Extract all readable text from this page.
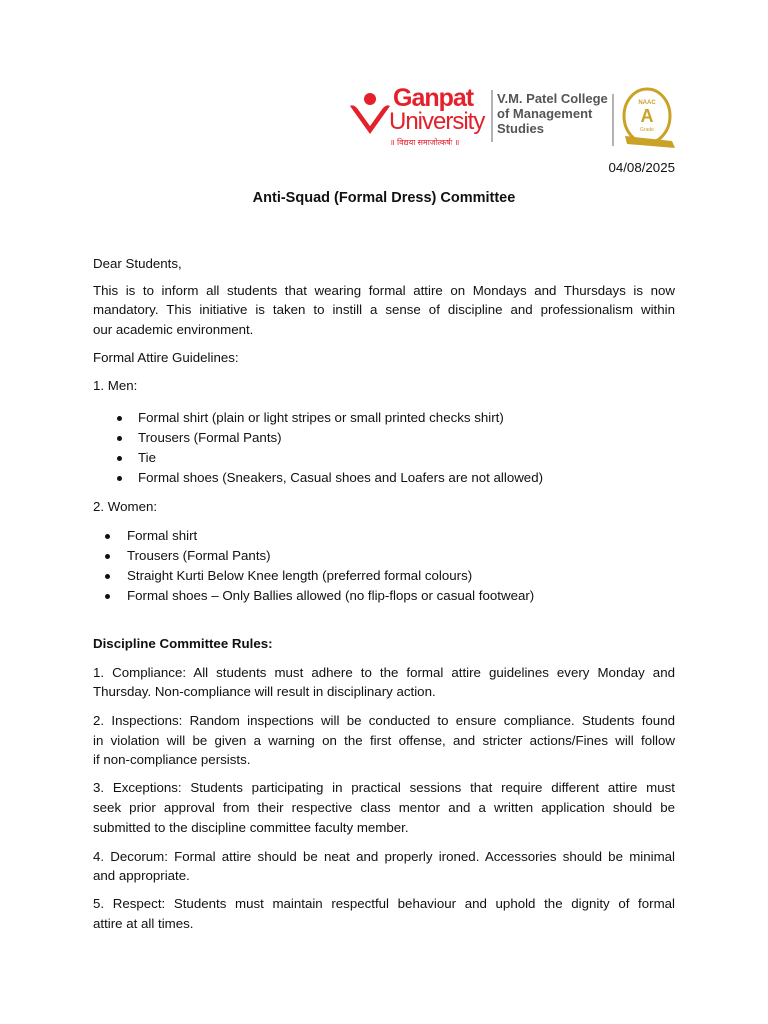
Ganpat
University
॥ विद्यया समाजोत्कर्षः ॥
V.M. Patel College
of Management
Studies
NAAC
A
Grade
04/08/2025
Anti-Squad (Formal Dress) Committee
Dear Students,
This is to inform all students that wearing formal attire on Mondays and Thursdays is now
mandatory. This initiative is taken to instill a sense of discipline and professionalism within
our academic environment.
Formal Attire Guidelines:
1. Men:
Formal shirt (plain or light stripes or small printed checks shirt)
Trousers (Formal Pants)
Tie
Formal shoes (Sneakers, Casual shoes and Loafers are not allowed)
2. Women:
Formal shirt
Trousers (Formal Pants)
Straight Kurti Below Knee length (preferred formal colours)
Formal shoes – Only Ballies allowed (no flip-flops or casual footwear)
Discipline Committee Rules:
1. Compliance: All students must adhere to the formal attire guidelines every Monday and
Thursday. Non-compliance will result in disciplinary action.
2. Inspections: Random inspections will be conducted to ensure compliance. Students found
in violation will be given a warning on the first offense, and stricter actions/Fines will follow
if non-compliance persists.
3. Exceptions: Students participating in practical sessions that require different attire must
seek prior approval from their respective class mentor and a written application should be
submitted to the discipline committee faculty member.
4. Decorum: Formal attire should be neat and properly ironed. Accessories should be minimal
and appropriate.
5. Respect: Students must maintain respectful behaviour and uphold the dignity of formal
attire at all times.
